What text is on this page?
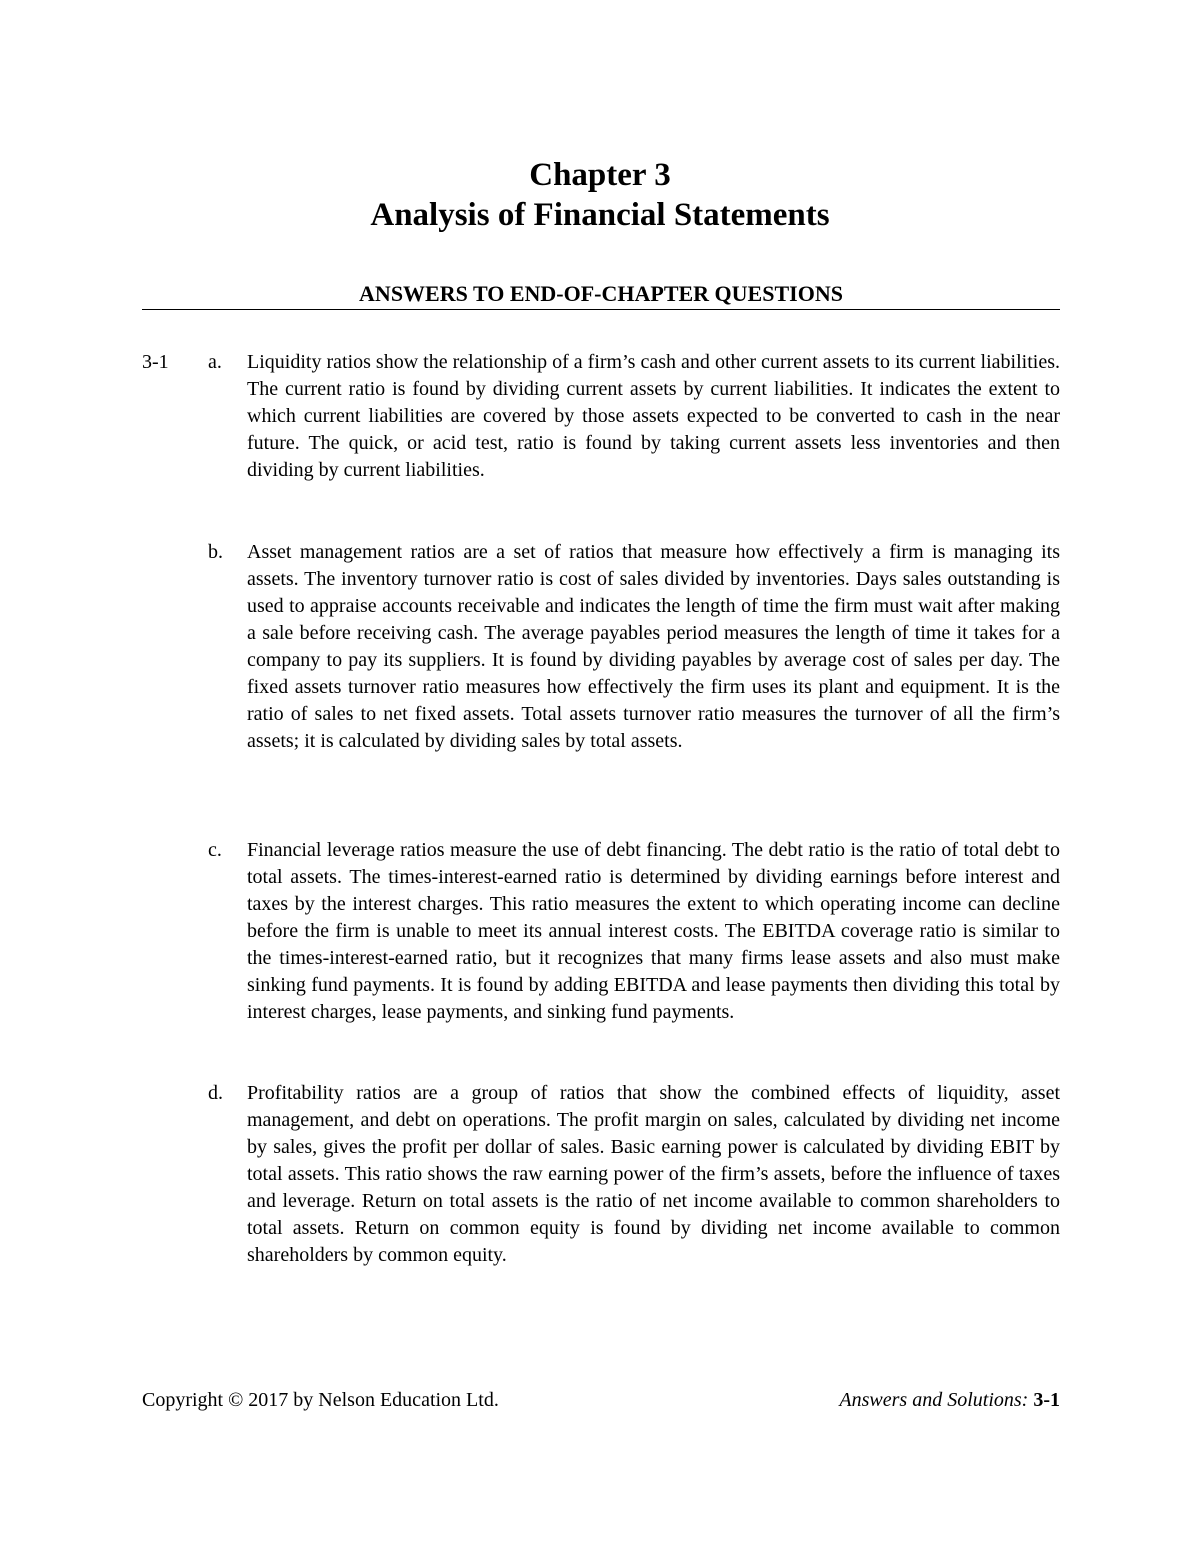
Chapter 3
Analysis of Financial Statements
ANSWERS TO END-OF-CHAPTER QUESTIONS
3-1 a.	Liquidity ratios show the relationship of a firm’s cash and other current assets to its current liabilities. The current ratio is found by dividing current assets by current liabilities. It indicates the extent to which current liabilities are covered by those assets expected to be converted to cash in the near future. The quick, or acid test, ratio is found by taking current assets less inventories and then dividing by current liabilities.
b.	Asset management ratios are a set of ratios that measure how effectively a firm is managing its assets. The inventory turnover ratio is cost of sales divided by inventories. Days sales outstanding is used to appraise accounts receivable and indicates the length of time the firm must wait after making a sale before receiving cash. The average payables period measures the length of time it takes for a company to pay its suppliers. It is found by dividing payables by average cost of sales per day. The fixed assets turnover ratio measures how effectively the firm uses its plant and equipment. It is the ratio of sales to net fixed assets. Total assets turnover ratio measures the turnover of all the firm’s assets; it is calculated by dividing sales by total assets.
c.	Financial leverage ratios measure the use of debt financing. The debt ratio is the ratio of total debt to total assets. The times-interest-earned ratio is determined by dividing earnings before interest and taxes by the interest charges. This ratio measures the extent to which operating income can decline before the firm is unable to meet its annual interest costs. The EBITDA coverage ratio is similar to the times-interest-earned ratio, but it recognizes that many firms lease assets and also must make sinking fund payments. It is found by adding EBITDA and lease payments then dividing this total by interest charges, lease payments, and sinking fund payments.
d.	Profitability ratios are a group of ratios that show the combined effects of liquidity, asset management, and debt on operations. The profit margin on sales, calculated by dividing net income by sales, gives the profit per dollar of sales. Basic earning power is calculated by dividing EBIT by total assets. This ratio shows the raw earning power of the firm’s assets, before the influence of taxes and leverage. Return on total assets is the ratio of net income available to common shareholders to total assets. Return on common equity is found by dividing net income available to common shareholders by common equity.
Copyright © 2017 by Nelson Education Ltd.	Answers and Solutions: 3-1
